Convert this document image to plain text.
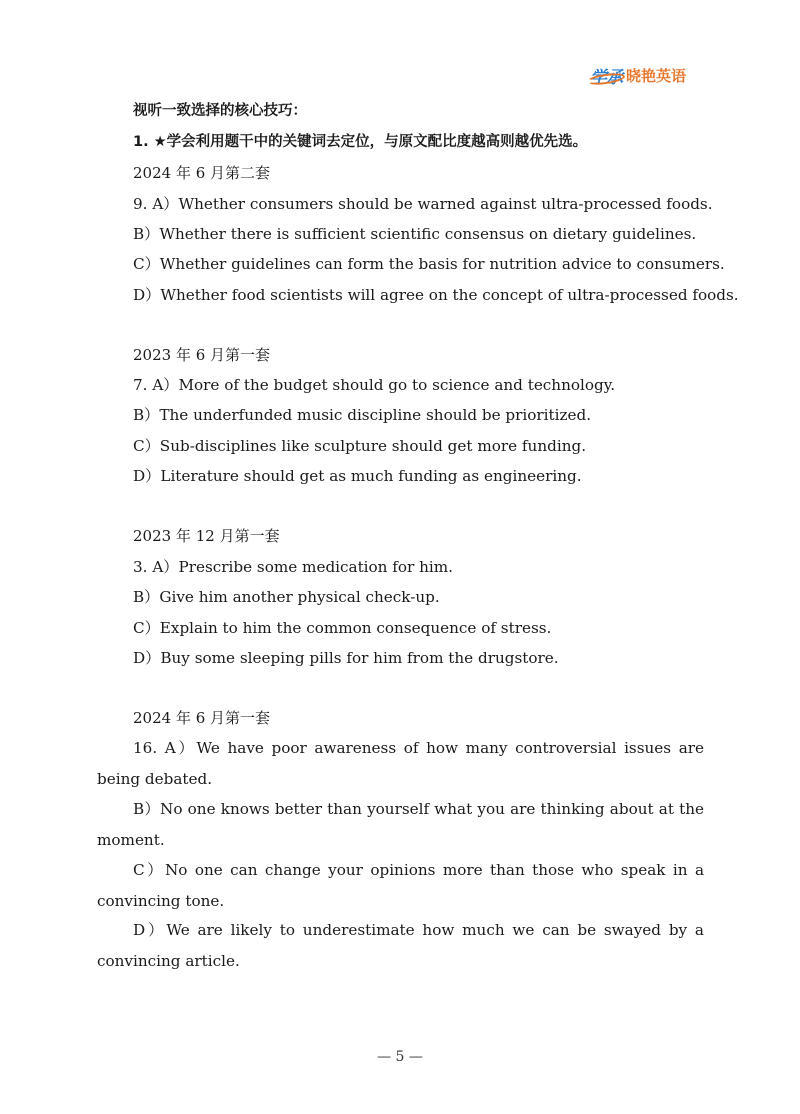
学承 晓艳英语
视听一致选择的核心技巧：
1. ★学会利用题干中的关键词去定位，与原文配比度越高则越优先选。
2024 年 6 月第二套
9. A）Whether consumers should be warned against ultra-processed foods.
B）Whether there is sufficient scientific consensus on dietary guidelines.
C）Whether guidelines can form the basis for nutrition advice to consumers.
D）Whether food scientists will agree on the concept of ultra-processed foods.
2023 年 6 月第一套
7. A）More of the budget should go to science and technology.
B）The underfunded music discipline should be prioritized.
C）Sub-disciplines like sculpture should get more funding.
D）Literature should get as much funding as engineering.
2023 年 12 月第一套
3. A）Prescribe some medication for him.
B）Give him another physical check-up.
C）Explain to him the common consequence of stress.
D）Buy some sleeping pills for him from the drugstore.
2024 年 6 月第一套
16. A）We have poor awareness of how many controversial issues are being debated.
B）No one knows better than yourself what you are thinking about at the moment.
C）No one can change your opinions more than those who speak in a convincing tone.
D）We are likely to underestimate how much we can be swayed by a convincing article.
— 5 —
